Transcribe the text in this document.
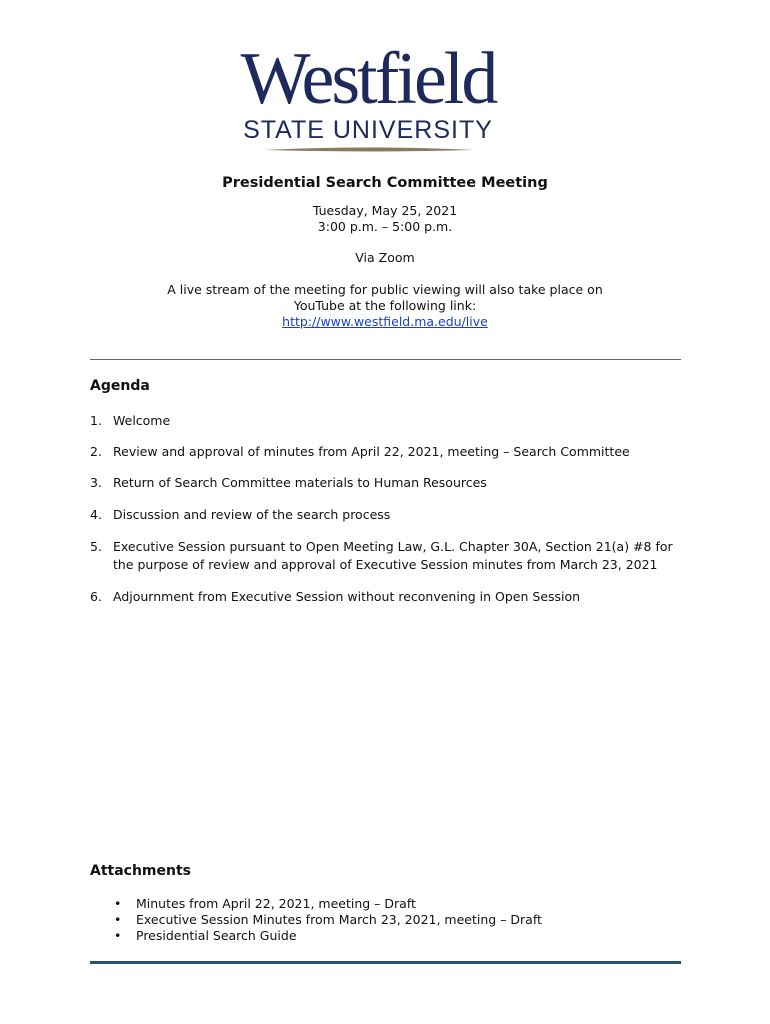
Westfield
STATE UNIVERSITY
Presidential Search Committee Meeting
Tuesday, May 25, 2021
3:00 p.m. – 5:00 p.m.
Via Zoom
A live stream of the meeting for public viewing will also take place on
YouTube at the following link:
http://www.westfield.ma.edu/live
Agenda
1. Welcome
2. Review and approval of minutes from April 22, 2021, meeting – Search Committee
3. Return of Search Committee materials to Human Resources
4. Discussion and review of the search process
5. Executive Session pursuant to Open Meeting Law, G.L. Chapter 30A, Section 21(a) #8 for the purpose of review and approval of Executive Session minutes from March 23, 2021
6. Adjournment from Executive Session without reconvening in Open Session
Attachments
• Minutes from April 22, 2021, meeting – Draft
• Executive Session Minutes from March 23, 2021, meeting – Draft
• Presidential Search Guide
